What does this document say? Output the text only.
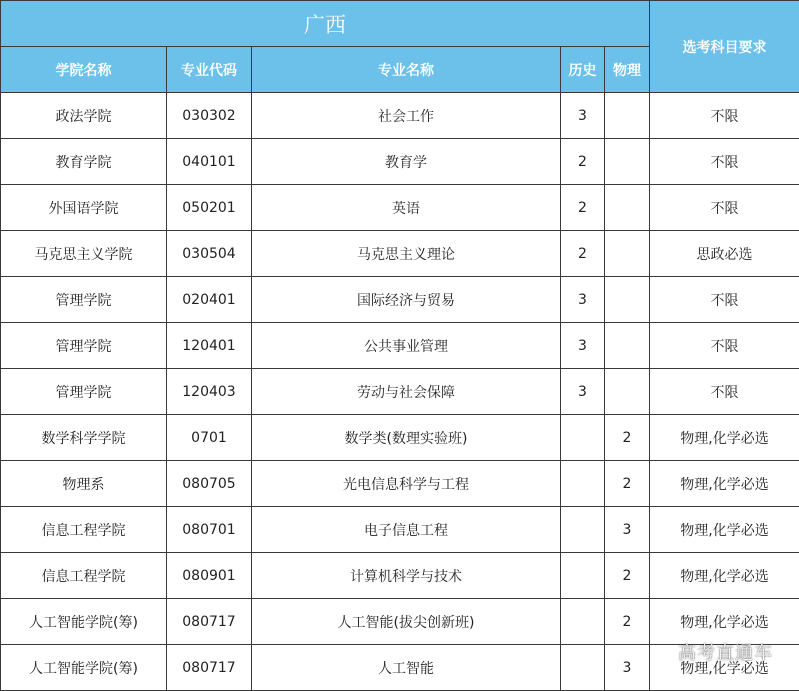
广西					选考科目要求
学院名称	专业代码	专业名称	历史	物理	
政法学院	030302	社会工作	3		不限
教育学院	040101	教育学	2		不限
外国语学院	050201	英语	2		不限
马克思主义学院	030504	马克思主义理论	2		思政必选
管理学院	020401	国际经济与贸易	3		不限
管理学院	120401	公共事业管理	3		不限
管理学院	120403	劳动与社会保障	3		不限
数学科学学院	0701	数学类(数理实验班)		2	物理,化学必选
物理系	080705	光电信息科学与工程		2	物理,化学必选
信息工程学院	080701	电子信息工程		3	物理,化学必选
信息工程学院	080901	计算机科学与技术		2	物理,化学必选
人工智能学院(筹)	080717	人工智能(拔尖创新班)		2	物理,化学必选
人工智能学院(筹)	080717	人工智能		3	物理,化学必选
高考直通车
